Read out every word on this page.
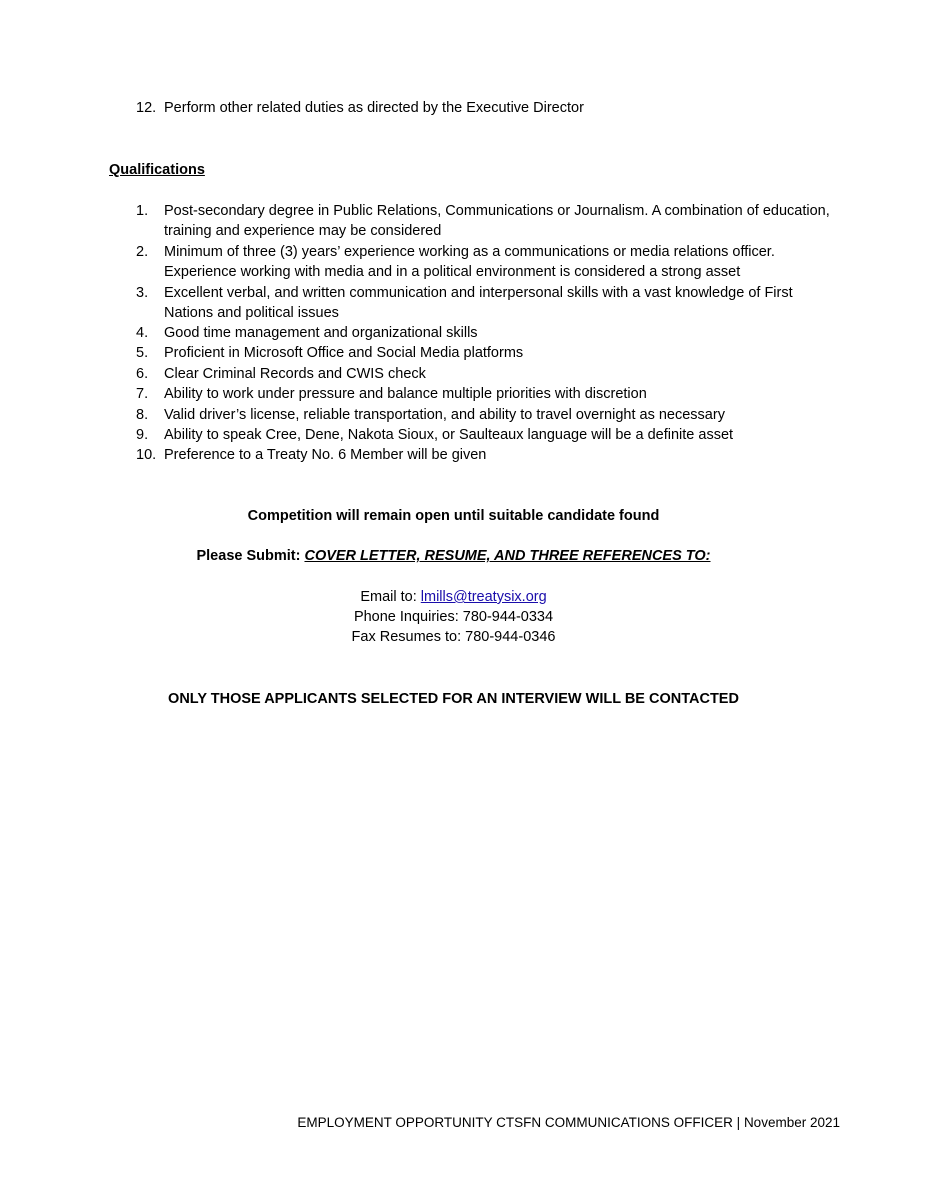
12. Perform other related duties as directed by the Executive Director
Qualifications
1.	Post-secondary degree in Public Relations, Communications or Journalism. A combination of education, training and experience may be considered
2.	Minimum of three (3) years’ experience working as a communications or media relations officer. Experience working with media and in a political environment is considered a strong asset
3.	Excellent verbal, and written communication and interpersonal skills with a vast knowledge of First Nations and political issues
4.	Good time management and organizational skills
5.	Proficient in Microsoft Office and Social Media platforms
6.	Clear Criminal Records and CWIS check
7.	Ability to work under pressure and balance multiple priorities with discretion
8.	Valid driver’s license, reliable transportation, and ability to travel overnight as necessary
9.	Ability to speak Cree, Dene, Nakota Sioux, or Saulteaux language will be a definite asset
10. Preference to a Treaty No. 6 Member will be given
Competition will remain open until suitable candidate found
Please Submit: COVER LETTER, RESUME, AND THREE REFERENCES TO:
Email to: lmills@treatysix.org
Phone Inquiries: 780-944-0334
Fax Resumes to: 780-944-0346
ONLY THOSE APPLICANTS SELECTED FOR AN INTERVIEW WILL BE CONTACTED
EMPLOYMENT OPPORTUNITY CTSFN COMMUNICATIONS OFFICER | November 2021
